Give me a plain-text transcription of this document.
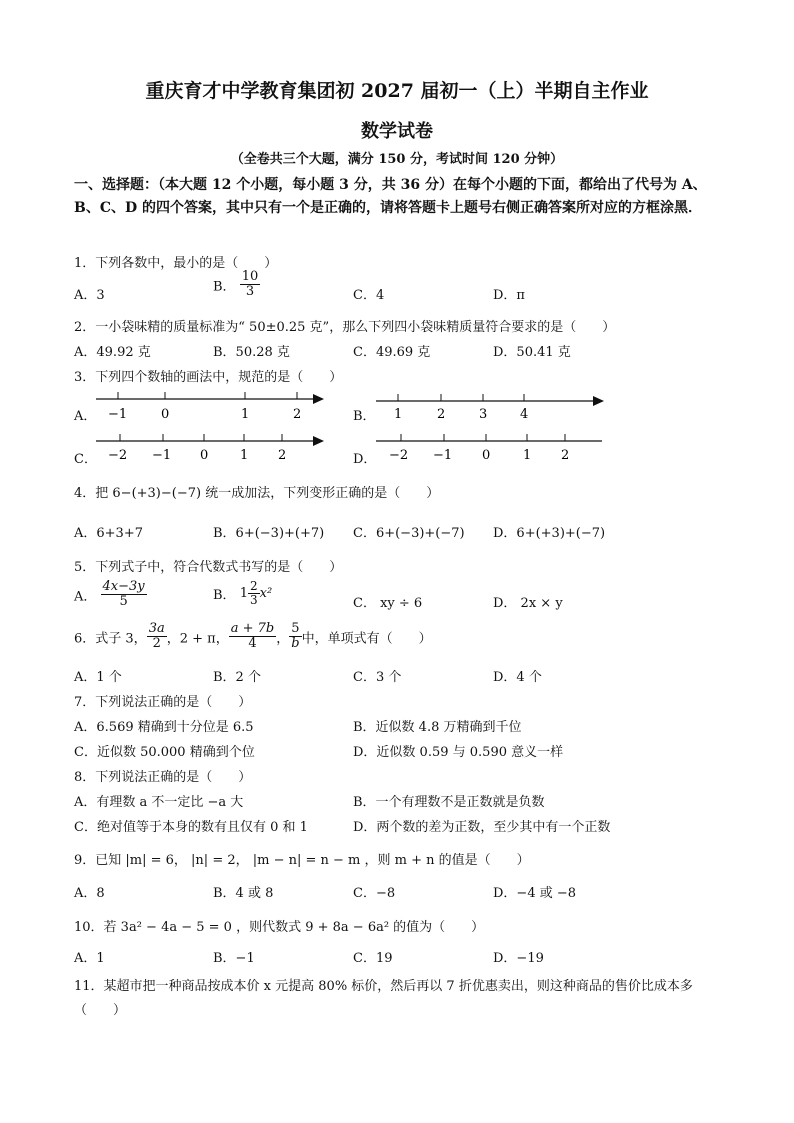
重庆育才中学教育集团初 2027 届初一（上）半期自主作业
数学试卷
（全卷共三个大题，满分 150 分，考试时间 120 分钟）
一、选择题：（本大题 12 个小题，每小题 3 分，共 36 分）在每个小题的下面，都给出了代号为 A、B、C、D 的四个答案，其中只有一个是正确的，请将答题卡上题号右侧正确答案所对应的方框涂黑．
1．下列各数中，最小的是（　　）
A．3
B． $\frac{10}{3}$	C．4	D．π
2．一小袋味精的质量标准为“ 50±0.25 克”，那么下列四小袋味精质量符合要求的是（　　）
A．49.92 克	B．50.28 克	C．49.69 克	D．50.41 克
3．下列四个数轴的画法中，规范的是（　　）
A． −1	0	1	2	B． 1	2	3	4
C． −2 −1 0 1 2	D． −2 −1 0	1 2
4．把 6−(+3)−(−7) 统一成加法，下列变形正确的是（　　）
A．6+3+7	B．6+(−3)+(+7) C．6+(−3)+(−7) D．6+(+3)+(−7)
5．下列式子中，符合代数式书写的是（　　）
A． $\frac{4x-3y}{5}$	B． $1 \frac{2}{3} x^2$
C． xy ÷ 6	D． 2x × y
6．式子 3， $\frac{3a}{2}$ ，2 + π， $\frac{a + 7b}{4}$ ， $\frac{5}{b}$ 中，单项式有（　　）
A．1 个	B．2 个	C．3 个	D．4 个
7．下列说法正确的是（　　）
A．6.569 精确到十分位是 6.5	B．近似数 4.8 万精确到千位
C．近似数 50.000 精确到个位	D．近似数 0.59 与 0.590 意义一样
8．下列说法正确的是（　　）
A．有理数 a 不一定比 −a 大	B．一个有理数不是正数就是负数
C．绝对值等于本身的数有且仅有 0 和 1	D．两个数的差为正数，至少其中有一个正数
9．已知 |m| = 6， |n| = 2， |m − n| = n − m ，则 m + n 的值是（　　）
A．8	B．4 或 8	C．−8	D．−4 或 −8
10．若 3a² − 4a − 5 = 0 ，则代数式 9 + 8a − 6a² 的值为（　　）
A．1	B．−1	C．19	D．−19
11．某超市把一种商品按成本价 x 元提高 80% 标价，然后再以 7 折优惠卖出，则这种商品的售价比成本多
（　　）
